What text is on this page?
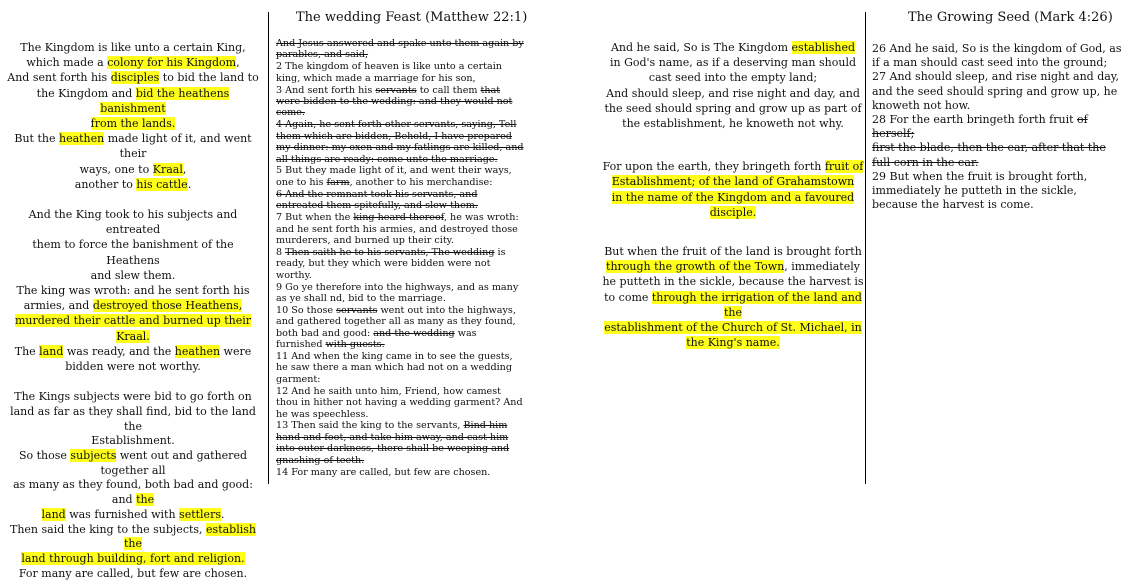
The Kingdom is like unto a certain King,
which made a colony for his Kingdom,
And sent forth his disciples to bid the land to
the Kingdom and bid the heathens banishment
from the lands.
But the heathen made light of it, and went their
ways, one to Kraal,
another to his cattle.
And the King took to his subjects and entreated
them to force the banishment of the Heathens
and slew them.
The king was wroth: and he sent forth his
armies, and destroyed those Heathens,
murdered their cattle and burned up their Kraal.
The land was ready, and the heathen were
bidden were not worthy.
The Kings subjects were bid to go forth on
land as far as they shall find, bid to the land the
Establishment.
So those subjects went out and gathered together all
as many as they found, both bad and good: and the
land was furnished with settlers.
Then said the king to the subjects, establish the
land through building, fort and religion.
For many are called, but few are chosen.
The wedding Feast (Matthew 22:1)

And Jesus answered and spake unto them again by parables, and said,

2 The kingdom of heaven is like unto a certain king, which made a marriage for his son,

3 And sent forth his servants to call them that were bidden to the wedding: and they would not come.

4 Again, he sent forth other servants, saying, Tell them which are bidden, Behold, I have prepared my dinner: my oxen and my fatlings are killed, and all things are ready: come unto the marriage.

5 But they made light of it, and went their ways, one to his farm, another to his merchandise:

6 And the remnant took his servants, and entreated them spitefully, and slew them.

7 But when the king heard thereof, he was wroth: and he sent forth his armies, and destroyed those murderers, and burned up their city.

8 Then saith he to his servants, The wedding is ready, but they which were bidden were not worthy.

9 Go ye therefore into the highways, and as many as ye shall nd, bid to the marriage.

10 So those servants went out into the highways, and gathered together all as many as they found, both bad and good: and the wedding was furnished with guests.

11 And when the king came in to see the guests, he saw there a man which had not on a wedding garment:

12 And he saith unto him, Friend, how camest thou in hither not having a wedding garment? And he was speechless.

13 Then said the king to the servants, Bind him hand and foot, and take him away, and cast him into outer darkness, there shall be weeping and gnashing of teeth.

14 For many are called, but few are chosen.

And he said, So is The Kingdom established
in God's name, as if a deserving man should
cast seed into the empty land;
And should sleep, and rise night and day, and
the seed should spring and grow up as part of
the establishment, he knoweth not why.
For upon the earth, they bringeth forth fruit of
Establishment; of the land of Grahamstown
in the name of the Kingdom and a favoured
disciple.
But when the fruit of the land is brought forth
through the growth of the Town, immediately
he putteth in the sickle, because the harvest is
to come through the irrigation of the land and the
establishment of the Church of St. Michael, in
the King's name.
The Growing Seed (Mark 4:26)

26 And he said, So is the kingdom of God, as if a man should cast seed into the ground;

27 And should sleep, and rise night and day, and the seed should spring and grow up, he knoweth not how.

28 For the earth bringeth forth fruit of herself;
first the blade, then the ear, after that the full corn in the ear.

29 But when the fruit is brought forth, immediately he putteth in the sickle, because the harvest is come.
